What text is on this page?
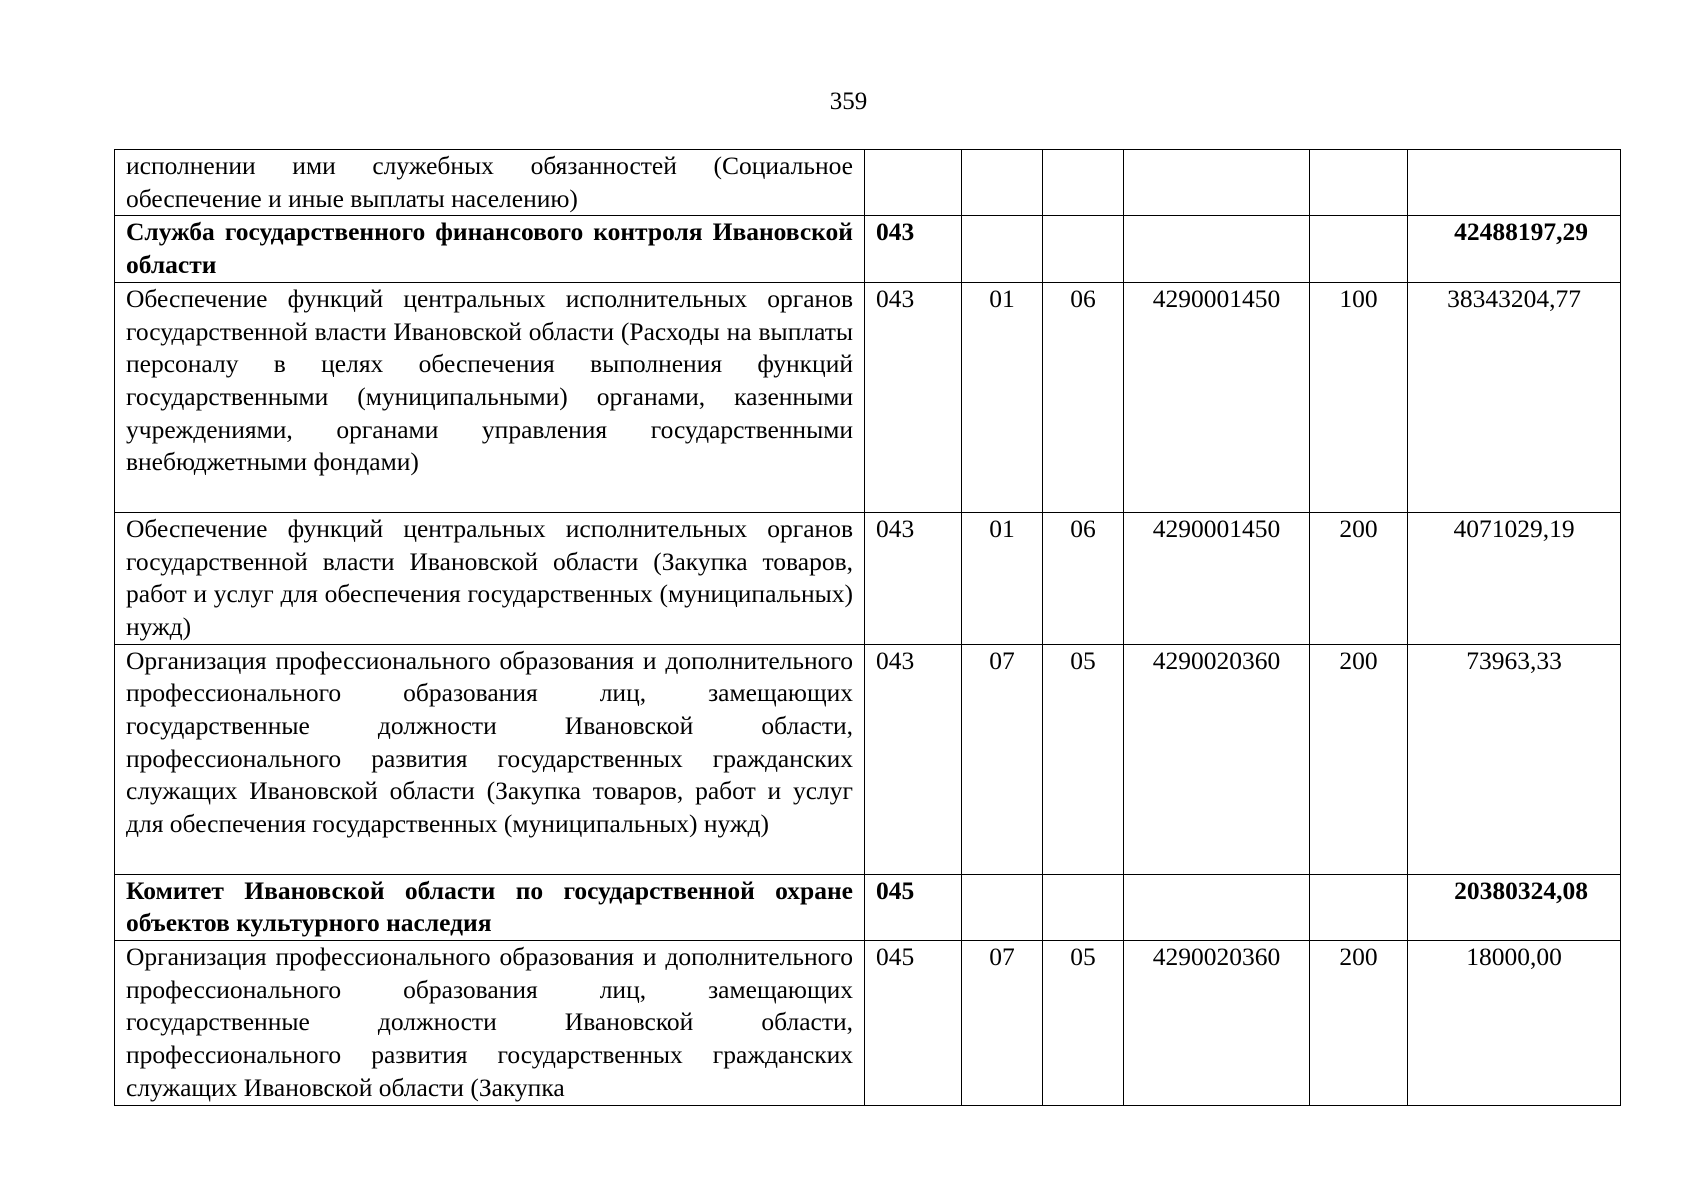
359
исполнении ими служебных обязанностей (Социальное обеспечение и иные выплаты населению)						
Служба государственного финансового контроля Ивановской области	043					42488197,29
Обеспечение функций центральных исполнительных органов государственной власти Ивановской области (Расходы на выплаты персоналу в целях обеспечения выполнения функций государственными (муниципальными) органами, казенными учреждениями, органами управления государственными внебюджетными фондами)	043	01	06	4290001450	100	38343204,77
Обеспечение функций центральных исполнительных органов государственной власти Ивановской области (Закупка товаров, работ и услуг для обеспечения государственных (муниципальных) нужд)	043	01	06	4290001450	200	4071029,19
Организация профессионального образования и дополнительного профессионального образования лиц, замещающих государственные должности Ивановской области, профессионального развития государственных гражданских служащих Ивановской области (Закупка товаров, работ и услуг для обеспечения государственных (муниципальных) нужд)	043	07	05	4290020360	200	73963,33
Комитет Ивановской области по государственной охране объектов культурного наследия	045					20380324,08
Организация профессионального образования и дополнительного профессионального образования лиц, замещающих государственные должности Ивановской области, профессионального развития государственных гражданских служащих Ивановской области (Закупка	045	07	05	4290020360	200	18000,00
